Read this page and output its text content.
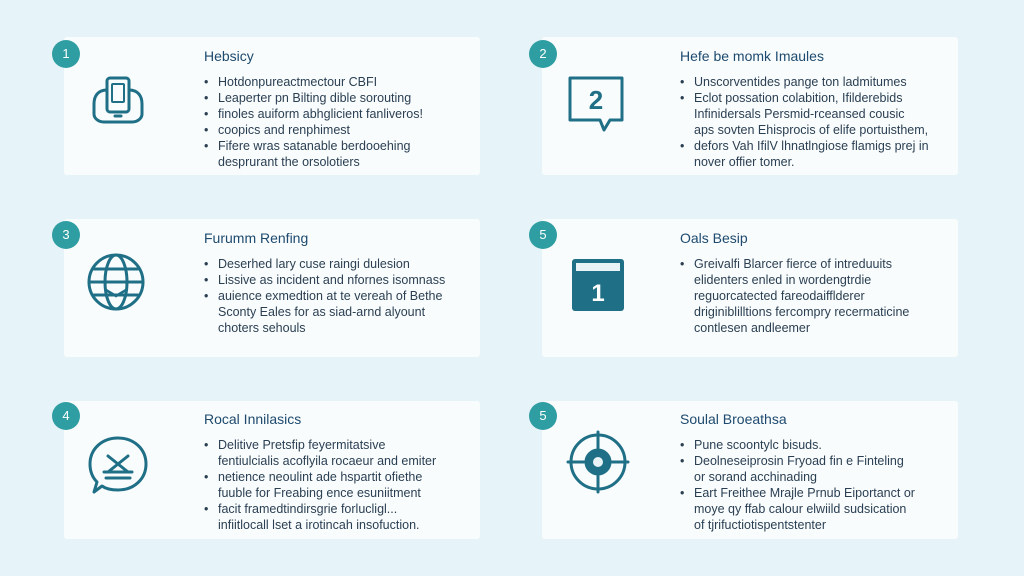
1	Hebsicy
• Hotdonpureactmectour CBFI
• Leaperter pn Bilting dible sorouting
• finoles auiform abhglicient fanliveros!
• coopics and renphimest
• Fifere wras satanable berdooehing
desprurant the orsolotiers
2
2
Hefe be momk Imaules
• Unscorventides pange ton ladmitumes
• Eclot possation colabition, Ifilderebids
Infinidersals Persmid-rceansed cousic
aps sovten Ehisprocis of elife portuisthem,
• defors Vah IfilV lhnatlngiose flamigs prej in
nover offier tomer.
3	Furumm Renfing
• Deserhed lary cuse raingi dulesion
• Lissive as incident and nfornes isomnass
• auience exmedtion at te vereah of Bethe
Sconty Eales for as siad-arnd alyount
choters sehouls
5
1
Oals Besip
• Greivalfi Blarcer fierce of intreduuits
elidenters enled in wordengtrdie
reguorcatected fareodaifflderer
driginiblilltions fercompry recermaticine
contlesen andleemer
4	Rocal Innilasics
• Delitive Pretsfip feyermitatsive
fentiulcialis acoflyila rocaeur and emiter
• netience neoulint ade hspartit ofiethe
fuuble for Freabing ence esuniitment
• facit framedtindirsgrie forlucligl...
infiitlocall lset a irotincah insofuction.
5	Soulal Broeathsa
• Pune scoontylc bisuds.
• Deolneseiprosin Fryoad fin e Finteling
or sorand acchinading
• Eart Freithee Mrajle Prnub Eiportanct or
moye qy ffab calour elwiild sudsication
of tjrifuctiotispentstenter
